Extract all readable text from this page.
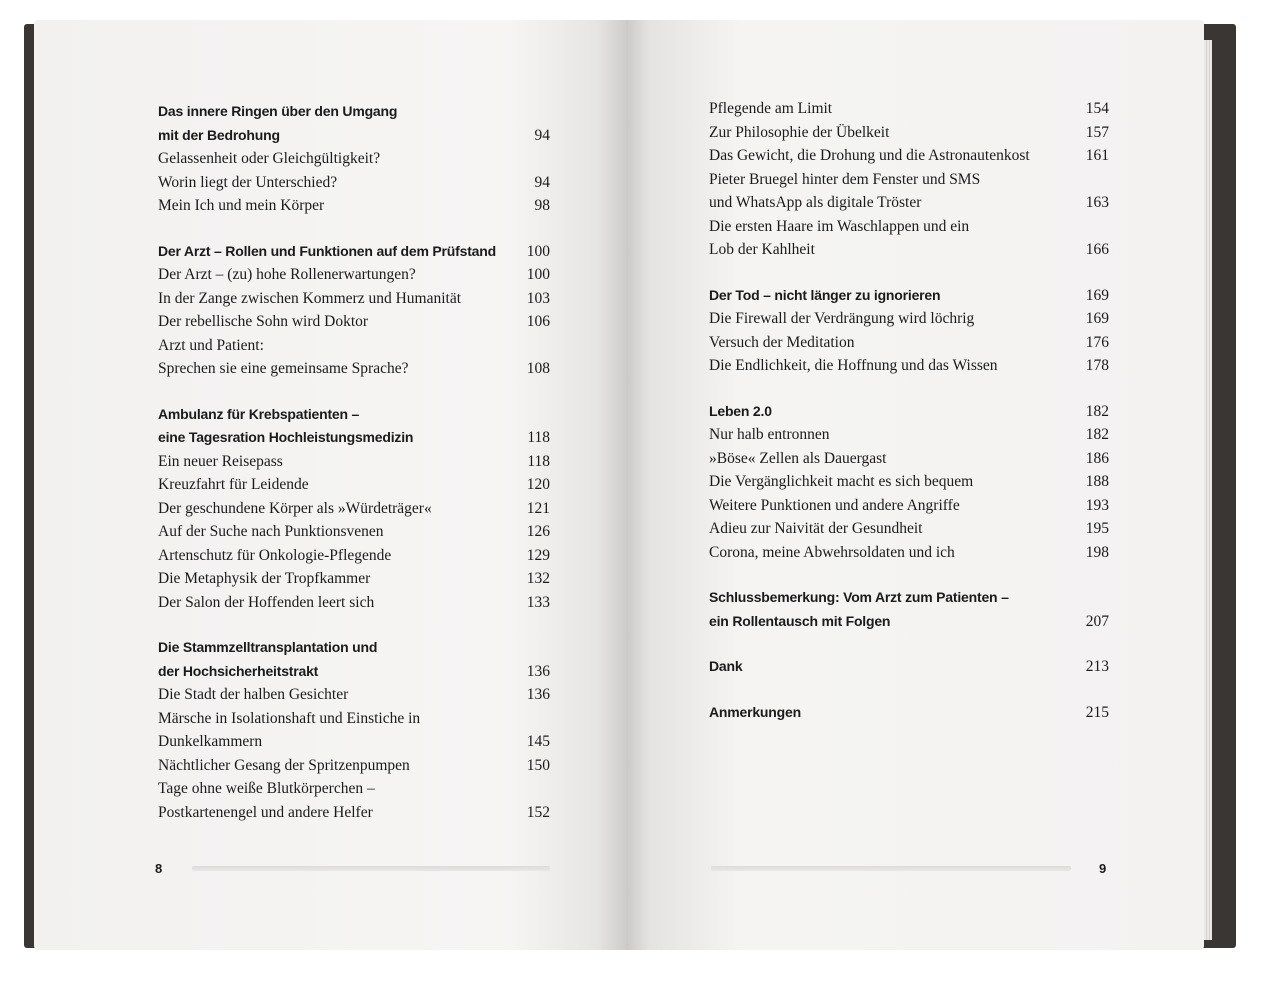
Das innere Ringen über den Umgang
mit der Bedrohung	94
Gelassenheit oder Gleichgültigkeit?
Worin liegt der Unterschied?	94
Mein Ich und mein Körper	98
Der Arzt – Rollen und Funktionen auf dem Prüfstand	100
Der Arzt – (zu) hohe Rollenerwartungen?	100
In der Zange zwischen Kommerz und Humanität	103
Der rebellische Sohn wird Doktor	106
Arzt und Patient:
Sprechen sie eine gemeinsame Sprache?	108
Ambulanz für Krebspatienten –
eine Tagesration Hochleistungsmedizin	118
Ein neuer Reisepass	118
Kreuzfahrt für Leidende	120
Der geschundene Körper als »Würdeträger«	121
Auf der Suche nach Punktionsvenen	126
Artenschutz für Onkologie-Pflegende	129
Die Metaphysik der Tropfkammer	132
Der Salon der Hoffenden leert sich	133
Die Stammzelltransplantation und
der Hochsicherheitstrakt	136
Die Stadt der halben Gesichter	136
Märsche in Isolationshaft und Einstiche in
Dunkelkammern	145
Nächtlicher Gesang der Spritzenpumpen	150
Tage ohne weiße Blutkörperchen –
Postkartenengel und andere Helfer	152
Pflegende am Limit	154
Zur Philosophie der Übelkeit	157
Das Gewicht, die Drohung und die Astronautenkost	161
Pieter Bruegel hinter dem Fenster und SMS
und WhatsApp als digitale Tröster	163
Die ersten Haare im Waschlappen und ein
Lob der Kahlheit	166
Der Tod – nicht länger zu ignorieren	169
Die Firewall der Verdrängung wird löchrig	169
Versuch der Meditation	176
Die Endlichkeit, die Hoffnung und das Wissen	178
Leben 2.0	182
Nur halb entronnen	182
»Böse« Zellen als Dauergast	186
Die Vergänglichkeit macht es sich bequem	188
Weitere Punktionen und andere Angriffe	193
Adieu zur Naivität der Gesundheit	195
Corona, meine Abwehrsoldaten und ich	198
Schlussbemerkung: Vom Arzt zum Patienten –
ein Rollentausch mit Folgen	207
Dank	213
Anmerkungen	215
8	9
